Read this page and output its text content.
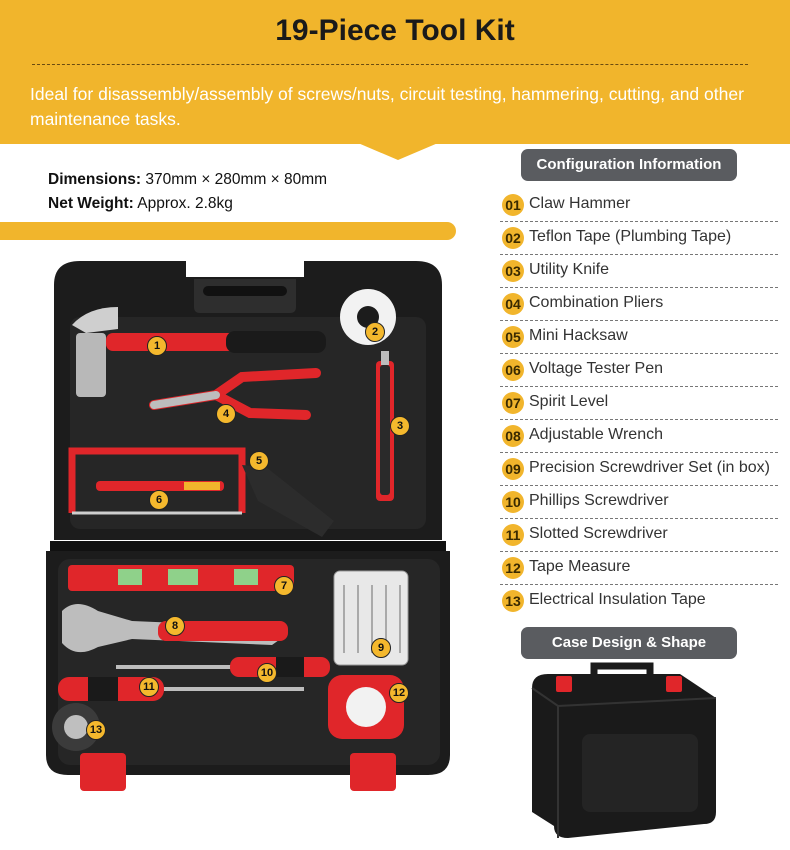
19-Piece Tool Kit
Ideal for disassembly/assembly of screws/nuts, circuit testing, hammering, cutting, and other maintenance tasks.
Dimensions: 370mm × 280mm × 80mm
Net Weight: Approx. 2.8kg
Configuration Information
01 Claw Hammer
02 Teflon Tape (Plumbing Tape)
03 Utility Knife
04 Combination Pliers
05 Mini Hacksaw
06 Voltage Tester Pen
07 Spirit Level
08 Adjustable Wrench
09 Precision Screwdriver Set (in box)
10 Phillips Screwdriver
11 Slotted Screwdriver
12 Tape Measure
13 Electrical Insulation Tape
Case Design & Shape
1
2
3
4
5
6
7
8
9
10
11	12
13
